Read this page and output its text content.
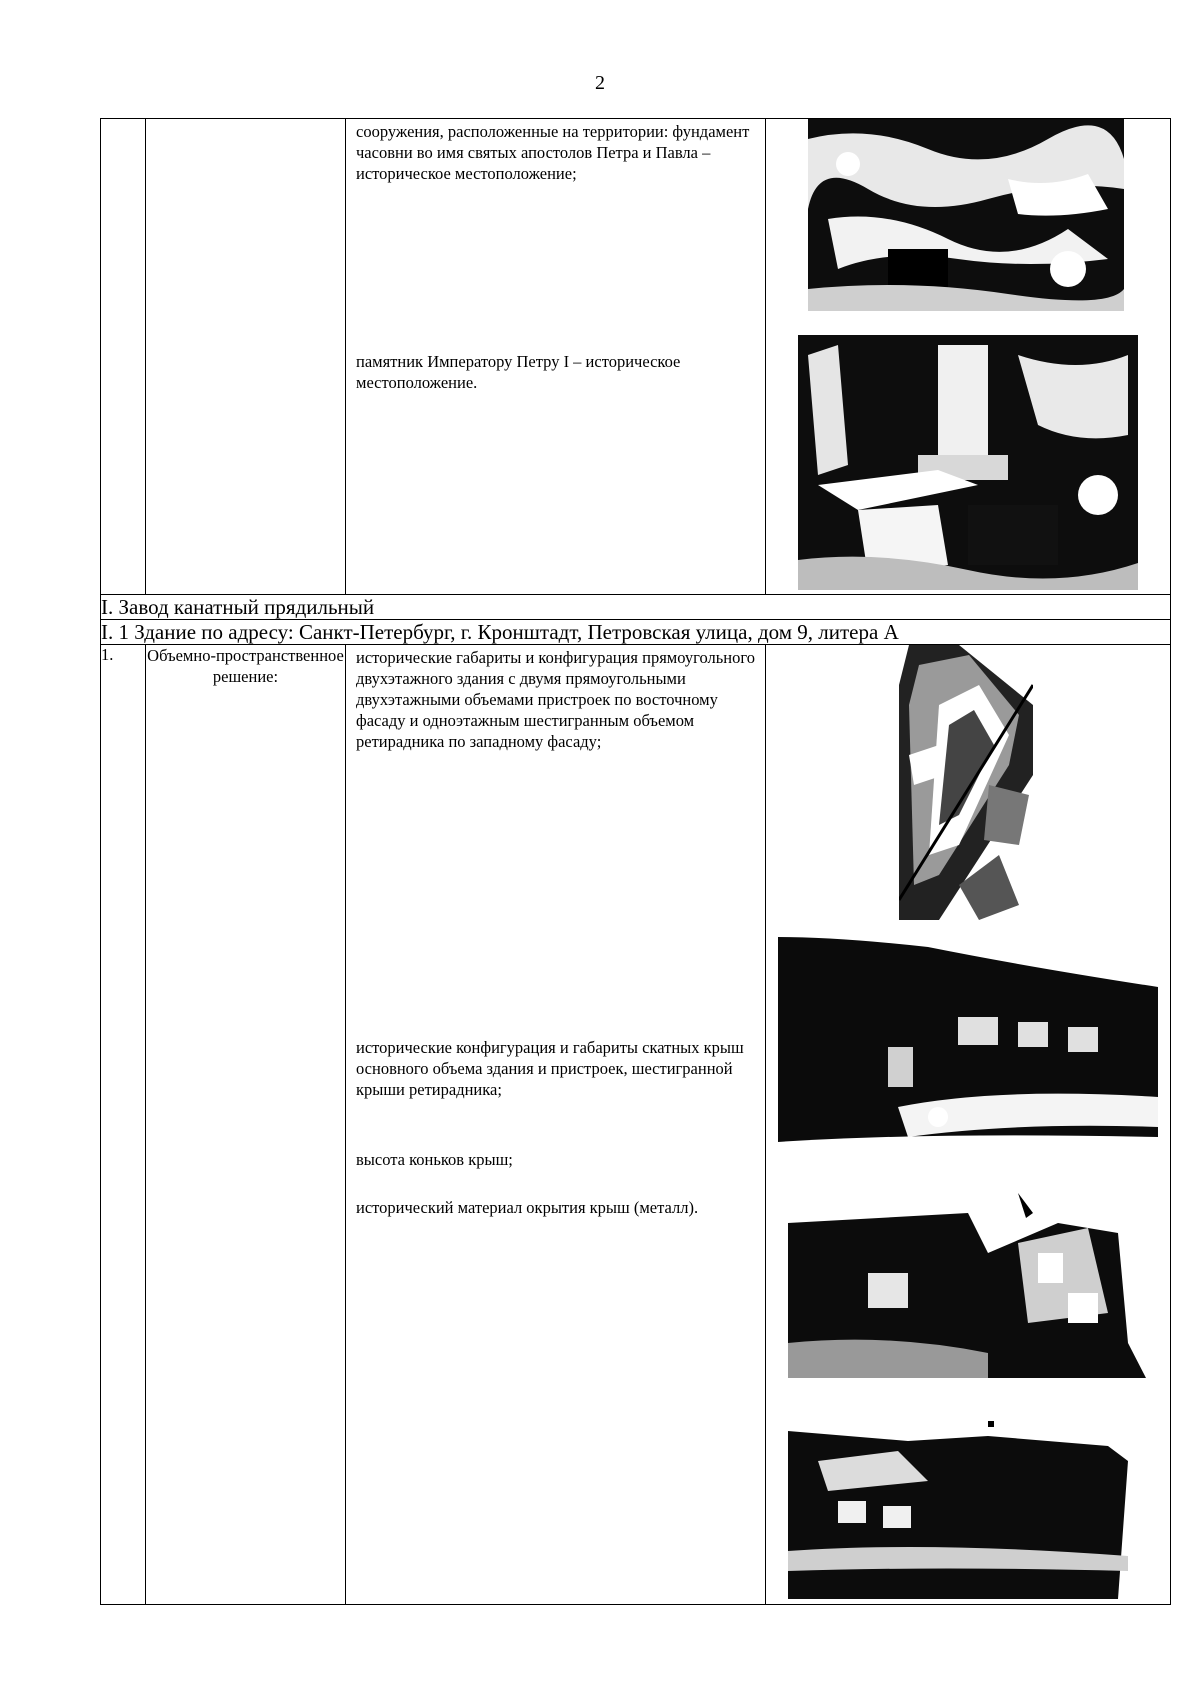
2

		сооружения, расположенные на территории: фундамент часовни во имя святых апостолов Петра и Павла – историческое местоположение;

памятник Императору Петру I – историческое местоположение.

I. Завод канатный прядильный			
I. 1 Здание по адресу: Санкт-Петербург, г. Кронштадт, Петровская улица, дом 9, литера А			
1.	Объемно-пространственное решение:	исторические габариты и конфигурация прямоугольного двухэтажного здания с двумя прямоугольными двухэтажными объемами пристроек по восточному фасаду и одноэтажным шестигранным объемом ретирадника по западному фасаду;

исторические конфигурация и габариты скатных крыш основного объема здания и пристроек, шестигранной крыши ретирадника;

высота коньков крыш;

исторический материал окрытия крыш (металл).
